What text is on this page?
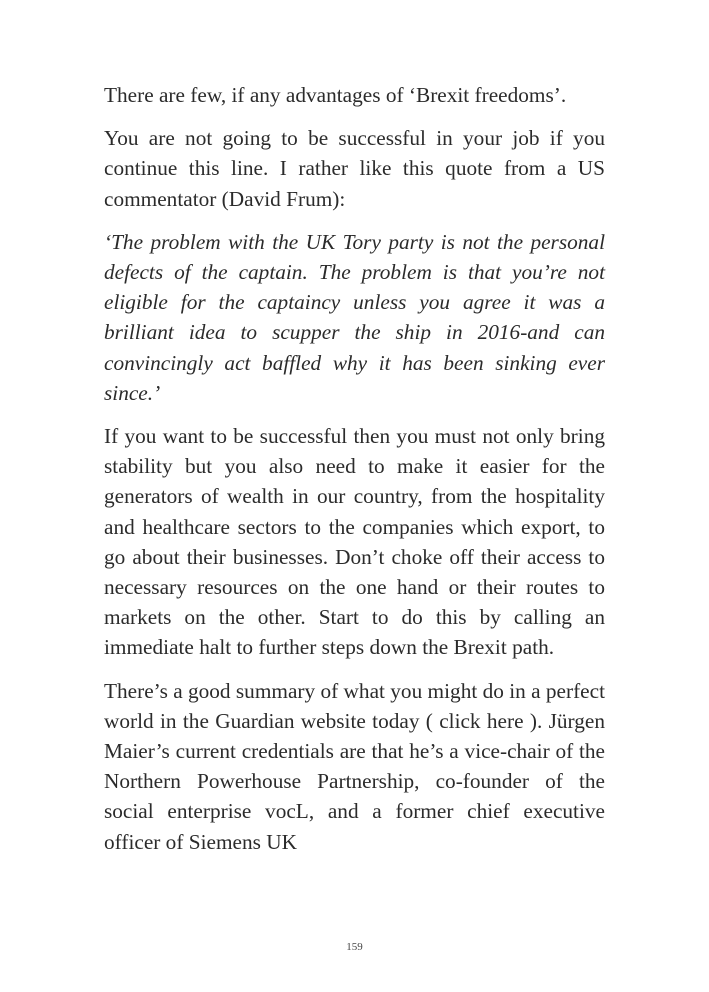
There are few, if any advantages of ‘Brexit freedoms’.

You are not going to be successful in your job if you continue this line. I rather like this quote from a US commentator (David Frum):

‘The problem with the UK Tory party is not the personal defects of the captain. The problem is that you’re not eligible for the captaincy unless you agree it was a brilliant idea to scupper the ship in 2016-and can convincingly act baffled why it has been sinking ever since.’

If you want to be successful then you must not only bring stability but you also need to make it easier for the generators of wealth in our country, from the hospitality and healthcare sectors to the companies which export, to go about their businesses. Don’t choke off their access to necessary resources on the one hand or their routes to markets on the other. Start to do this by calling an immediate halt to further steps down the Brexit path.

There’s a good summary of what you might do in a perfect world in the Guardian website today ( click here ). Jürgen Maier’s current credentials are that he’s a vice-chair of the Northern Powerhouse Partnership, co-founder of the social enterprise vocL, and a former chief executive officer of Siemens UK

159
